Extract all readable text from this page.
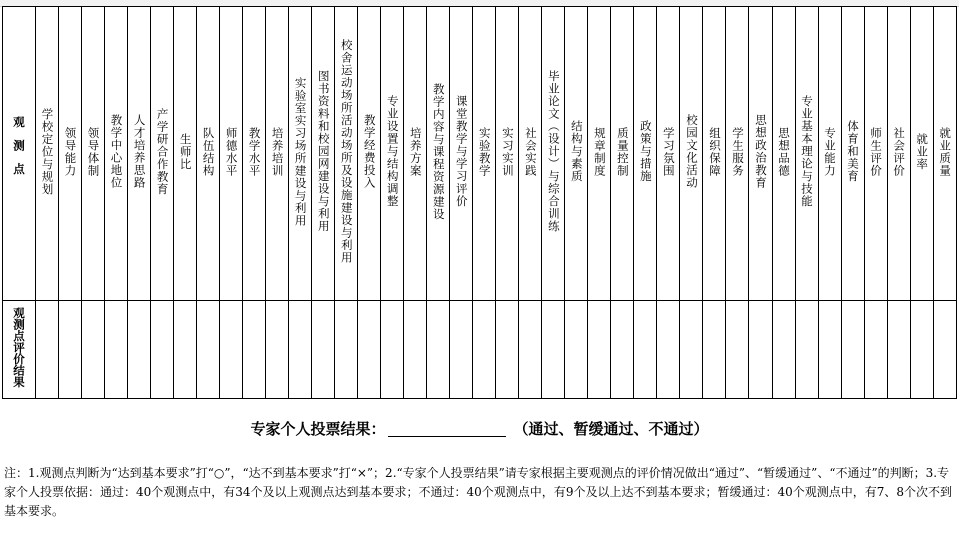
观测点	学校定位与规划	领导能力	领导体制	教学中心地位	人才培养思路	产学研合作教育	生师比	队伍结构	师德水平	教学水平	培养培训	实验室实习场所建设与利用	图书资料和校园网建设与利用	校舍运动场所活动场所及设施建设与利用	教学经费投入	专业设置与结构调整	培养方案	教学内容与课程资源建设	课堂教学与学习评价	实验教学	实习实训	社会实践	毕业论文（设计）与综合训练	结构与素质	规章制度	质量控制	政策与措施	学习氛围	校园文化活动	组织保障	学生服务	思想政治教育	思想品德	专业基本理论与技能	专业能力	体育和美育	师生评价	社会评价	就业率	就业质量
观测点评价结果																																								
专家个人投票结果：	（通过、暂缓通过、不通过）
注：1.观测点判断为“达到基本要求”打“○”，“达不到基本要求”打“×”；2.“专家个人投票结果”请专家根据主要观测点的评价情况做出“通过”、“暂缓通过”、“不通过”的判断；3.专家个人投票依据：通过：40个观测点中，有34个及以上观测点达到基本要求；不通过：40个观测点中，有9个及以上达不到基本要求；暂缓通过：40个观测点中，有7、8个次不到基本要求。
